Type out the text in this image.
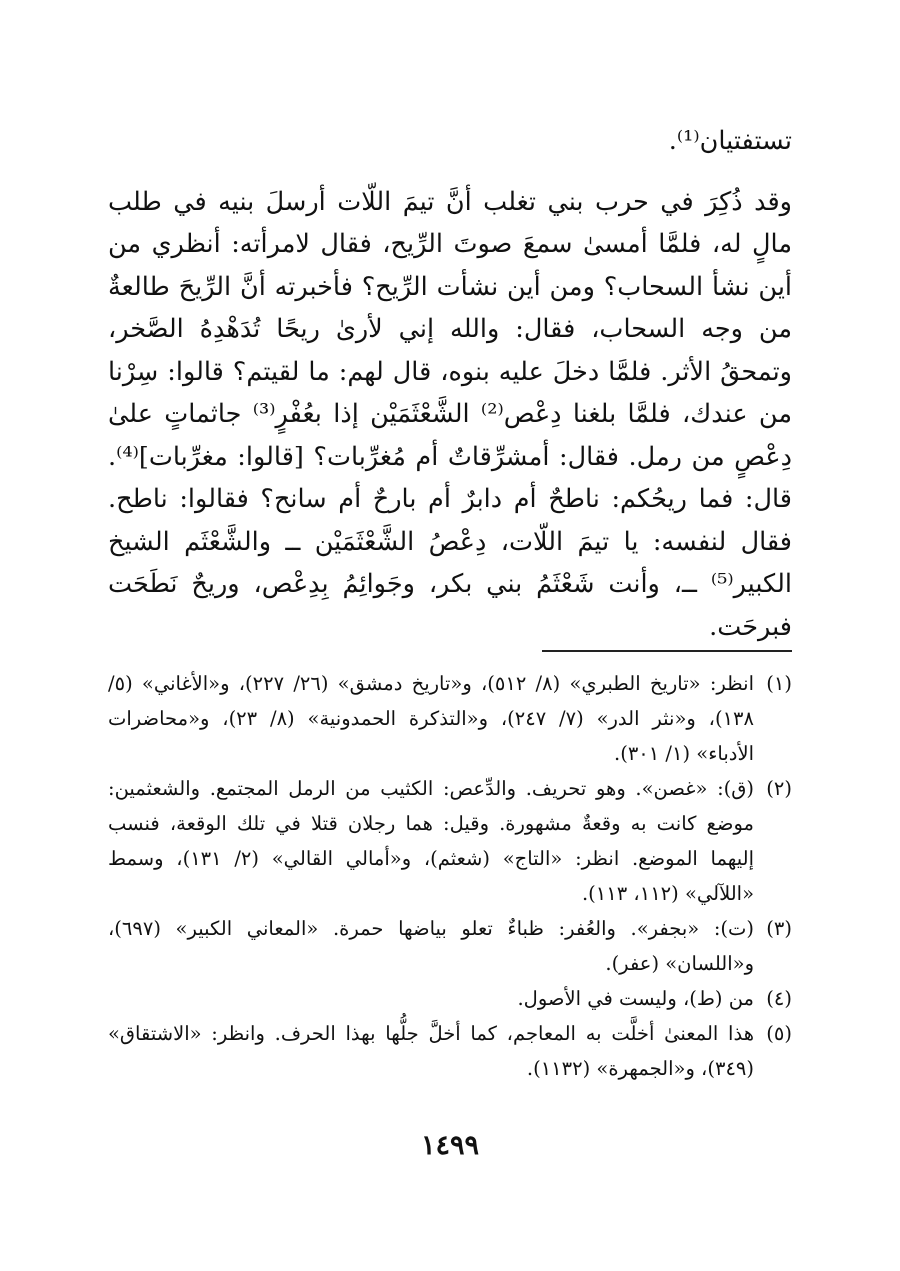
تستفتيان⁽¹⁾.

وقد ذُكِرَ في حرب بني تغلب أنَّ تيمَ اللّات أرسلَ بنيه في طلب مالٍ له، فلمَّا أمسىٰ سمعَ صوتَ الرِّيح، فقال لامرأته: أنظري من أين نشأ السحاب؟ ومن أين نشأت الرِّيح؟ فأخبرته أنَّ الرِّيحَ طالعةٌ من وجه السحاب، فقال: والله إني لأرىٰ ريحًا تُدَهْدِهُ الصَّخر، وتمحقُ الأثر. فلمَّا دخلَ عليه بنوه، قال لهم: ما لقيتم؟ قالوا: سِرْنا من عندك، فلمَّا بلغنا دِعْص⁽²⁾ الشَّعْثَمَيْن إذا بعُفْرٍ⁽³⁾ جاثماتٍ علىٰ دِعْصٍ من رمل. فقال: أمشرِّقاتٌ أم مُغرِّبات؟ [قالوا: مغرِّبات]⁽⁴⁾. قال: فما ريحُكم: ناطحٌ أم دابرٌ أم بارحٌ أم سانح؟ فقالوا: ناطح. فقال لنفسه: يا تيمَ اللّات، دِعْصُ الشَّعْثَمَيْن ــ والشَّعْثَم الشيخ الكبير⁽⁵⁾ ــ، وأنت شَعْثَمُ بني بكر، وجَوائِمُ بِدِعْص، وريحٌ نَطَحَت فبرحَت.

(١)
انظر: «تاريخ الطبري» (٨/ ٥١٢)، و«تاريخ دمشق» (٢٦/ ٢٢٧)، و«الأغاني» (٥/ ١٣٨)، و«نثر الدر» (٧/ ٢٤٧)، و«التذكرة الحمدونية» (٨/ ٢٣)، و«محاضرات الأدباء» (١/ ٣٠١).
(٢)
(ق): «غصن». وهو تحريف. والدِّعص: الكثيب من الرمل المجتمع. والشعثمين: موضع كانت به وقعةٌ مشهورة. وقيل: هما رجلان قتلا في تلك الوقعة، فنسب إليهما الموضع. انظر: «التاج» (شعثم)، و«أمالي القالي» (٢/ ١٣١)، وسمط «اللآلي» (١١٢، ١١٣).
(٣)
(ت): «بجفر». والعُفر: ظباءٌ تعلو بياضها حمرة. «المعاني الكبير» (٦٩٧)، و«اللسان» (عفر).
(٤)
من (ط)، وليست في الأصول.
(٥)
هذا المعنىٰ أخلَّت به المعاجم، كما أخلَّ جلُّها بهذا الحرف. وانظر: «الاشتقاق» (٣٤٩)، و«الجمهرة» (١١٣٢).
١٤٩٩
